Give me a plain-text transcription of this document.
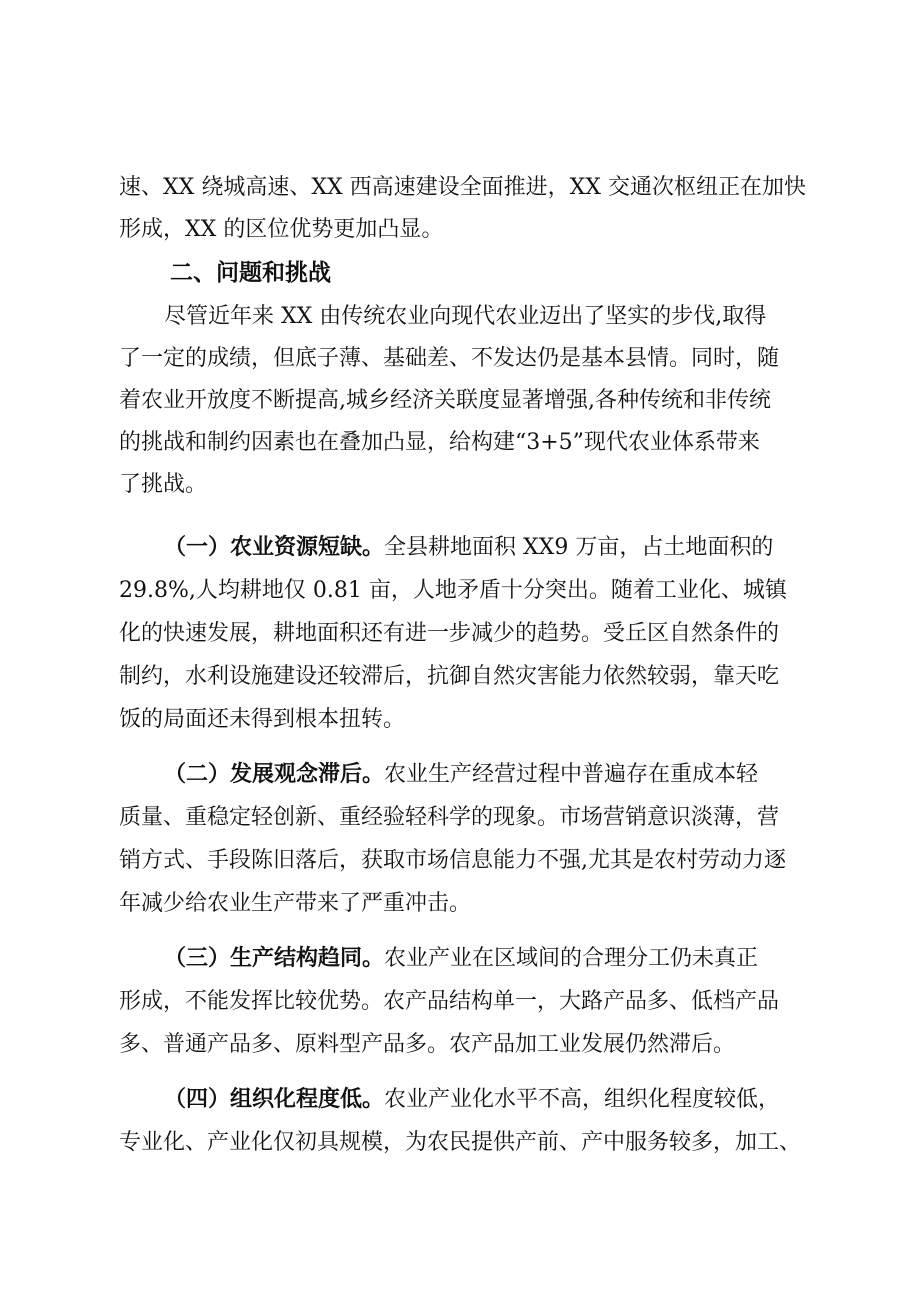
速、XX 绕城高速、XX 西高速建设全面推进，XX 交通次枢纽正在加快
形成，XX 的区位优势更加凸显。
二、问题和挑战
尽管近年来 XX 由传统农业向现代农业迈出了坚实的步伐,取得
了一定的成绩，但底子薄、基础差、不发达仍是基本县情。同时，随
着农业开放度不断提高,城乡经济关联度显著增强,各种传统和非传统
的挑战和制约因素也在叠加凸显，给构建“3+5”现代农业体系带来
了挑战。
（一）农业资源短缺。全县耕地面积 XX9 万亩，占土地面积的
29.8%,人均耕地仅 0.81 亩，人地矛盾十分突出。随着工业化、城镇
化的快速发展，耕地面积还有进一步减少的趋势。受丘区自然条件的
制约，水利设施建设还较滞后，抗御自然灾害能力依然较弱，靠天吃
饭的局面还未得到根本扭转。
（二）发展观念滞后。农业生产经营过程中普遍存在重成本轻
质量、重稳定轻创新、重经验轻科学的现象。市场营销意识淡薄，营
销方式、手段陈旧落后，获取市场信息能力不强,尤其是农村劳动力逐
年减少给农业生产带来了严重冲击。
（三）生产结构趋同。农业产业在区域间的合理分工仍未真正
形成，不能发挥比较优势。农产品结构单一，大路产品多、低档产品
多、普通产品多、原料型产品多。农产品加工业发展仍然滞后。
（四）组织化程度低。农业产业化水平不高，组织化程度较低，
专业化、产业化仅初具规模，为农民提供产前、产中服务较多，加工、
